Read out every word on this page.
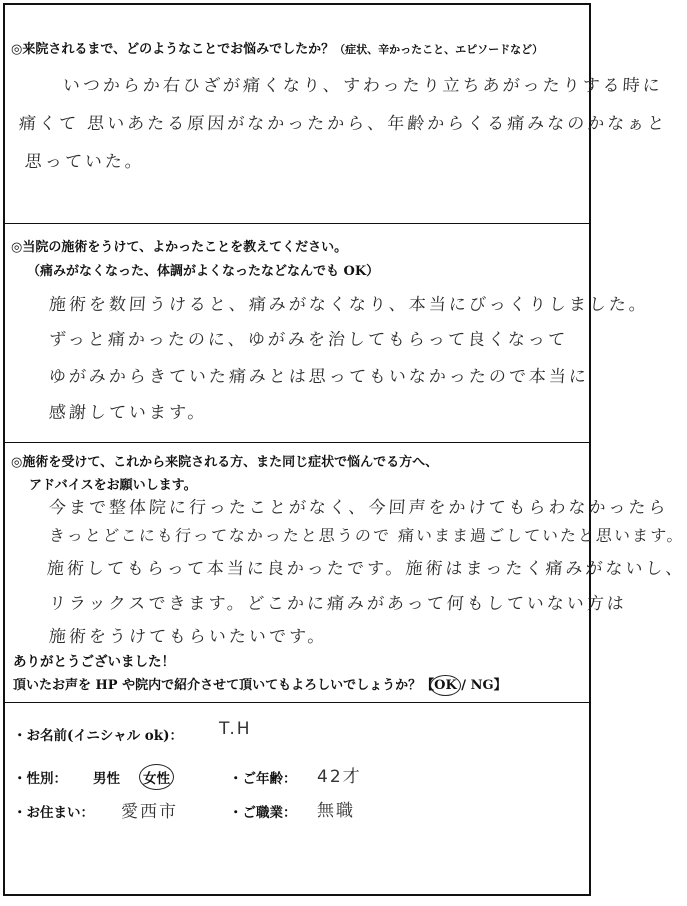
◎来院されるまで、どのようなことでお悩みでしたか？（症状、辛かったこと、エピソードなど）
いつからか右ひざが痛くなり、すわったり立ちあがったりする時に
痛くて 思いあたる原因がなかったから、年齢からくる痛みなのかなぁと
思っていた。
◎当院の施術をうけて、よかったことを教えてください。
（痛みがなくなった、体調がよくなったなどなんでも OK）
施術を数回うけると、痛みがなくなり、本当にびっくりしました。
ずっと痛かったのに、ゆがみを治してもらって良くなって
ゆがみからきていた痛みとは思ってもいなかったので本当に
感謝しています。
◎施術を受けて、これから来院される方、また同じ症状で悩んでる方へ、
アドバイスをお願いします。
今まで整体院に行ったことがなく、今回声をかけてもらわなかったら
きっとどこにも行ってなかったと思うので 痛いまま過ごしていたと思います。
施術してもらって本当に良かったです。施術はまったく痛みがないし、
リラックスできます。どこかに痛みがあって何もしていない方は
施術をうけてもらいたいです。
ありがとうございました！
頂いたお声を HP や院内で紹介させて頂いてもよろしいでしょうか？【OK / NG】
・お名前(イニシャル ok)： T.H
・性別： 男性 女性	・ご年齢： 42才
・お住まい： 愛西市	・ご職業： 無職
